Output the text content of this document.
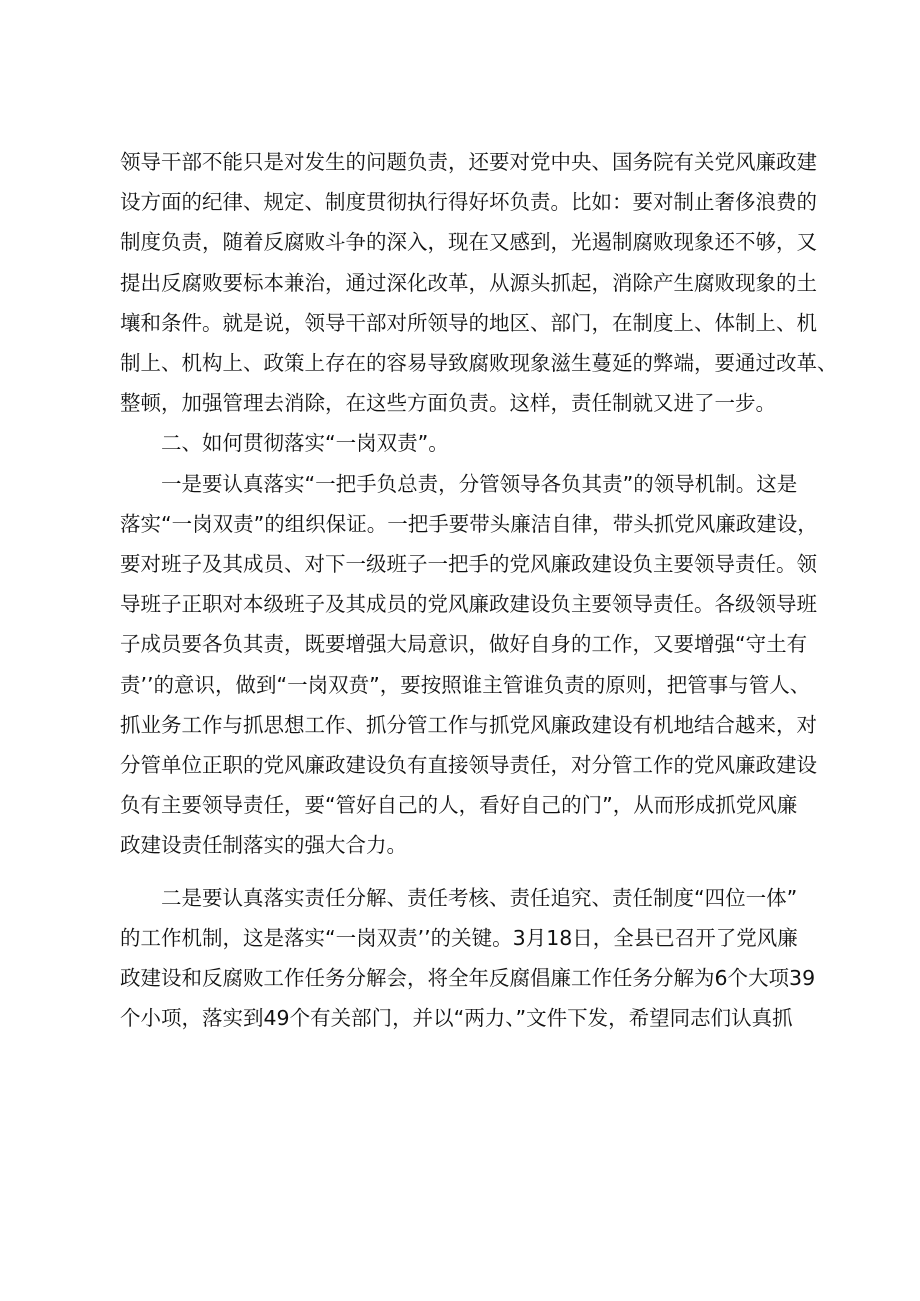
领导干部不能只是对发生的问题负责，还要对党中央、国务院有关党风廉政建
设方面的纪律、规定、制度贯彻执行得好坏负责。比如：要对制止奢侈浪费的
制度负责，随着反腐败斗争的深入，现在又感到，光遏制腐败现象还不够，又
提出反腐败要标本兼治，通过深化改革，从源头抓起，消除产生腐败现象的土
壤和条件。就是说，领导干部对所领导的地区、部门，在制度上、体制上、机
制上、机构上、政策上存在的容易导致腐败现象滋生蔓延的弊端，要通过改革、
整顿，加强管理去消除，在这些方面负责。这样，责任制就又进了一步。
二、如何贯彻落实“一岗双责”。
一是要认真落实“一把手负总责，分管领导各负其责”的领导机制。这是
落实“一岗双责”的组织保证。一把手要带头廉洁自律，带头抓党风廉政建设，
要对班子及其成员、对下一级班子一把手的党风廉政建设负主要领导责任。领
导班子正职对本级班子及其成员的党风廉政建设负主要领导责任。各级领导班
子成员要各负其责，既要增强大局意识，做好自身的工作，又要增强“守土有
责’’的意识，做到“一岗双贲”，要按照谁主管谁负责的原则，把管事与管人、
抓业务工作与抓思想工作、抓分管工作与抓党风廉政建设有机地结合越来，对
分管单位正职的党风廉政建设负有直接领导责任，对分管工作的党风廉政建设
负有主要领导责任，要“管好自己的人，看好自己的门”，从而形成抓党风廉
政建设责任制落实的强大合力。
二是要认真落实责任分解、责任考核、责任追究、责任制度“四位一体”
的工作机制，这是落实“一岗双责’’的关键。3月18日，全县已召开了党风廉
政建设和反腐败工作任务分解会，将全年反腐倡廉工作任务分解为6个大项39
个小项，落实到49个有关部门，并以“两力、”文件下发，希望同志们认真抓
